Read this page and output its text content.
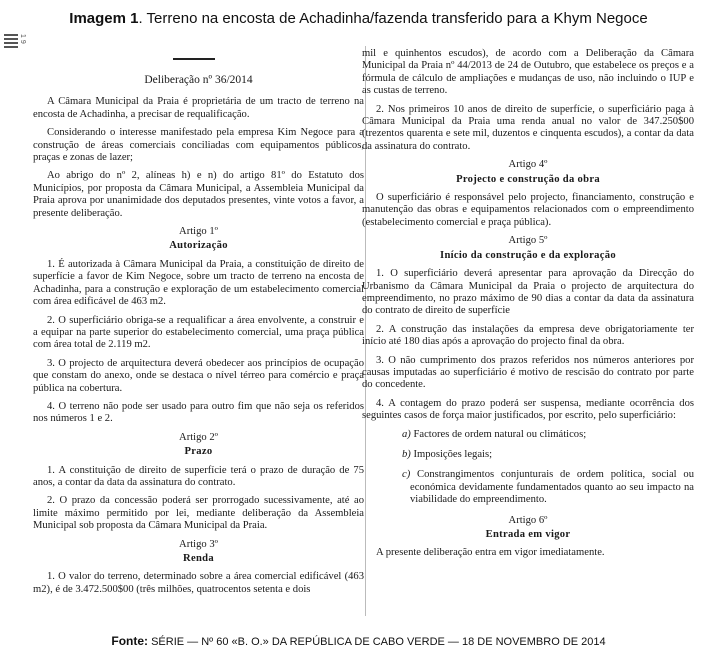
Imagem 1. Terreno na encosta de Achadinha/fazenda transferido para a Khym Negoce
1 9

Deliberação nº 36/2014

A Câmara Municipal da Praia é proprietária de um tracto de terreno na encosta de Achadinha, a precisar de requalificação.

Considerando o interesse manifestado pela empresa Kim Negoce para a construção de áreas comerciais conciliadas com equipamentos públicos, praças e zonas de lazer;

Ao abrigo do nº 2, alíneas h) e n) do artigo 81º do Estatuto dos Municípios, por proposta da Câmara Municipal, a Assembleia Municipal da Praia aprova por unanimidade dos deputados presentes, vinte votos a favor, a presente deliberação.

Artigo 1º

Autorização

1. É autorizada à Câmara Municipal da Praia, a constituição de direito de superfície a favor de Kim Negoce, sobre um tracto de terreno na encosta de Achadinha, para a construção e exploração de um estabelecimento comercial com área edificável de 463 m2.

2. O superficiário obriga-se a requalificar a área envolvente, a construir e a equipar na parte superior do estabelecimento comercial, uma praça pública com área total de 2.119 m2.

3. O projecto de arquitectura deverá obedecer aos princípios de ocupação que constam do anexo, onde se destaca o nível térreo para comércio e praça pública na cobertura.

4. O terreno não pode ser usado para outro fim que não seja os referidos nos números 1 e 2.

Artigo 2º

Prazo

1. A constituição de direito de superfície terá o prazo de duração de 75 anos, a contar da data da assinatura do contrato.

2. O prazo da concessão poderá ser prorrogado sucessivamente, até ao limite máximo permitido por lei, mediante deliberação da Assembleia Municipal sob proposta da Câmara Municipal da Praia.

Artigo 3º

Renda

1. O valor do terreno, determinado sobre a área comercial edificável (463 m2), é de 3.472.500$00 (três milhões, quatrocentos setenta e dois

mil e quinhentos escudos), de acordo com a Deliberação da Câmara Municipal da Praia nº 44/2013 de 24 de Outubro, que estabelece os preços e a fórmula de cálculo de ampliações e mudanças de uso, não incluindo o IUP e as custas de terreno.

2. Nos primeiros 10 anos de direito de superfície, o superficiário paga à Câmara Municipal da Praia uma renda anual no valor de 347.250$00 (trezentos quarenta e sete mil, duzentos e cinquenta escudos), a contar da data da assinatura do contrato.

Artigo 4º

Projecto e construção da obra

O superficiário é responsável pelo projecto, financiamento, construção e manutenção das obras e equipamentos relacionados com o empreendimento (estabelecimento comercial e praça pública).

Artigo 5º

Início da construção e da exploração

1. O superficiário deverá apresentar para aprovação da Direcção do Urbanismo da Câmara Municipal da Praia o projecto de arquitectura do empreendimento, no prazo máximo de 90 dias a contar da data da assinatura do contrato de direito de superfície

2. A construção das instalações da empresa deve obrigatoriamente ter início até 180 dias após a aprovação do projecto final da obra.

3. O não cumprimento dos prazos referidos nos números anteriores por causas imputadas ao superficiário é motivo de rescisão do contrato por parte do concedente.

4. A contagem do prazo poderá ser suspensa, mediante ocorrência dos seguintes casos de força maior justificados, por escrito, pelo superficiário:

a) Factores de ordem natural ou climáticos;

b) Imposições legais;

c) Constrangimentos conjunturais de ordem política, social ou económica devidamente fundamentados quanto ao seu impacto na viabilidade do empreendimento.

Artigo 6º

Entrada em vigor

A presente deliberação entra em vigor imediatamente.

Fonte: SÉRIE — Nº 60 «B. O.» DA REPÚBLICA DE CABO VERDE — 18 DE NOVEMBRO DE 2014
